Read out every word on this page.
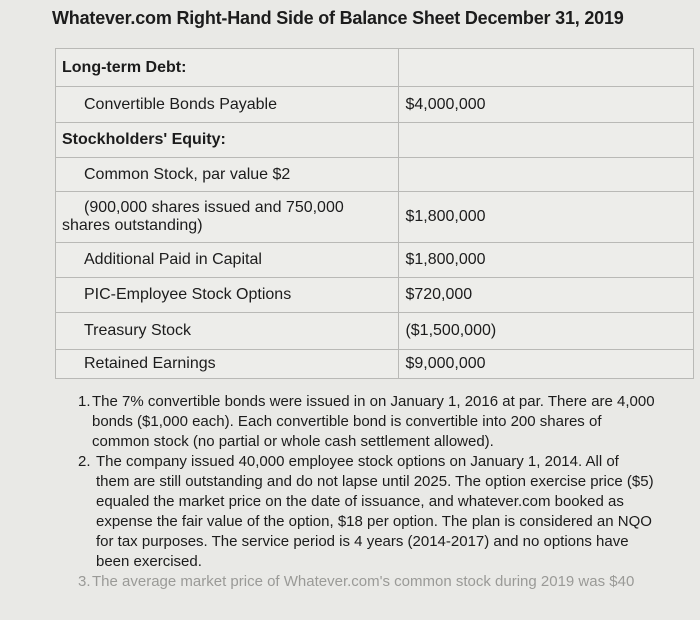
Whatever.com Right-Hand Side of Balance Sheet December 31, 2019
Long-term Debt:	
Convertible Bonds Payable	$4,000,000
Stockholders' Equity:	
Common Stock, par value $2	

(900,000 shares issued and 750,000
shares outstanding)	$1,800,000
Additional Paid in Capital	$1,800,000
PIC-Employee Stock Options	$720,000
Treasury Stock	($1,500,000)
Retained Earnings	$9,000,000
1. The 7% convertible bonds were issued in on January 1, 2016 at par. There are 4,000 bonds ($1,000 each). Each convertible bond is convertible into 200 shares of common stock (no partial or whole cash settlement allowed).
2. The company issued 40,000 employee stock options on January 1, 2014. All of them are still outstanding and do not lapse until 2025. The option exercise price ($5) equaled the market price on the date of issuance, and whatever.com booked as expense the fair value of the option, $18 per option. The plan is considered an NQO for tax purposes. The service period is 4 years (2014-2017) and no options have been exercised.
3. The average market price of Whatever.com's common stock during 2019 was $40
